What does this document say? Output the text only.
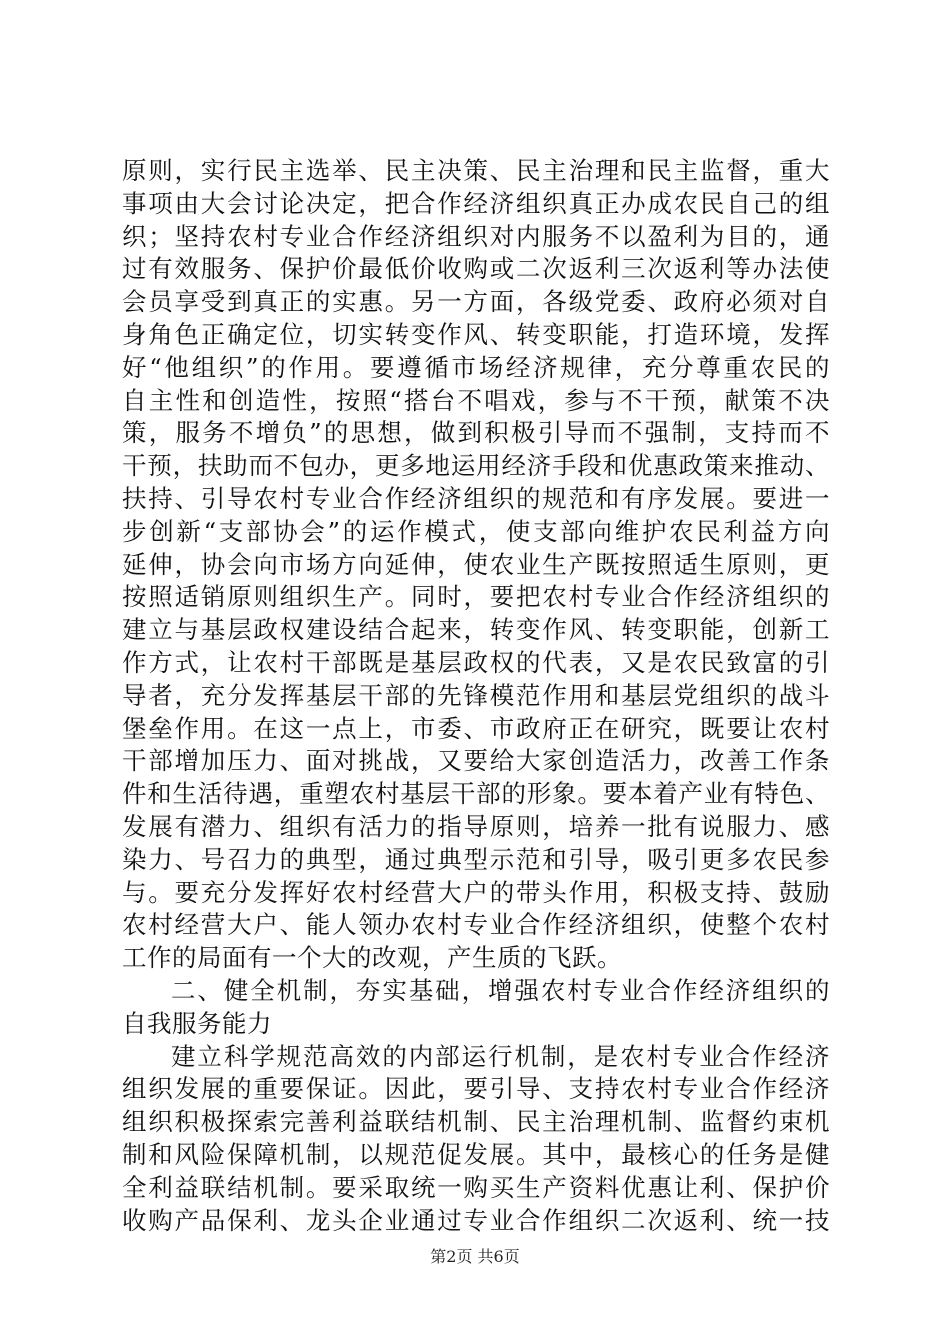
原则，实行民主选举、民主决策、民主治理和民主监督，重大
事项由大会讨论决定，把合作经济组织真正办成农民自己的组
织；坚持农村专业合作经济组织对内服务不以盈利为目的，通
过有效服务、保护价最低价收购或二次返利三次返利等办法使
会员享受到真正的实惠。另一方面，各级党委、政府必须对自
身角色正确定位，切实转变作风、转变职能，打造环境，发挥
好“他组织”的作用。要遵循市场经济规律，充分尊重农民的
自主性和创造性，按照“搭台不唱戏，参与不干预，献策不决
策，服务不增负”的思想，做到积极引导而不强制，支持而不
干预，扶助而不包办，更多地运用经济手段和优惠政策来推动、
扶持、引导农村专业合作经济组织的规范和有序发展。要进一
步创新“支部协会”的运作模式，使支部向维护农民利益方向
延伸，协会向市场方向延伸，使农业生产既按照适生原则，更
按照适销原则组织生产。同时，要把农村专业合作经济组织的
建立与基层政权建设结合起来，转变作风、转变职能，创新工
作方式，让农村干部既是基层政权的代表，又是农民致富的引
导者，充分发挥基层干部的先锋模范作用和基层党组织的战斗
堡垒作用。在这一点上，市委、市政府正在研究，既要让农村
干部增加压力、面对挑战，又要给大家创造活力，改善工作条
件和生活待遇，重塑农村基层干部的形象。要本着产业有特色、
发展有潜力、组织有活力的指导原则，培养一批有说服力、感
染力、号召力的典型，通过典型示范和引导，吸引更多农民参
与。要充分发挥好农村经营大户的带头作用，积极支持、鼓励
农村经营大户、能人领办农村专业合作经济组织，使整个农村
工作的局面有一个大的改观，产生质的飞跃。
二、健全机制，夯实基础，增强农村专业合作经济组织的
自我服务能力
建立科学规范高效的内部运行机制，是农村专业合作经济
组织发展的重要保证。因此，要引导、支持农村专业合作经济
组织积极探索完善利益联结机制、民主治理机制、监督约束机
制和风险保障机制，以规范促发展。其中，最核心的任务是健
全利益联结机制。要采取统一购买生产资料优惠让利、保护价
收购产品保利、龙头企业通过专业合作组织二次返利、统一技
第2页 共6页
